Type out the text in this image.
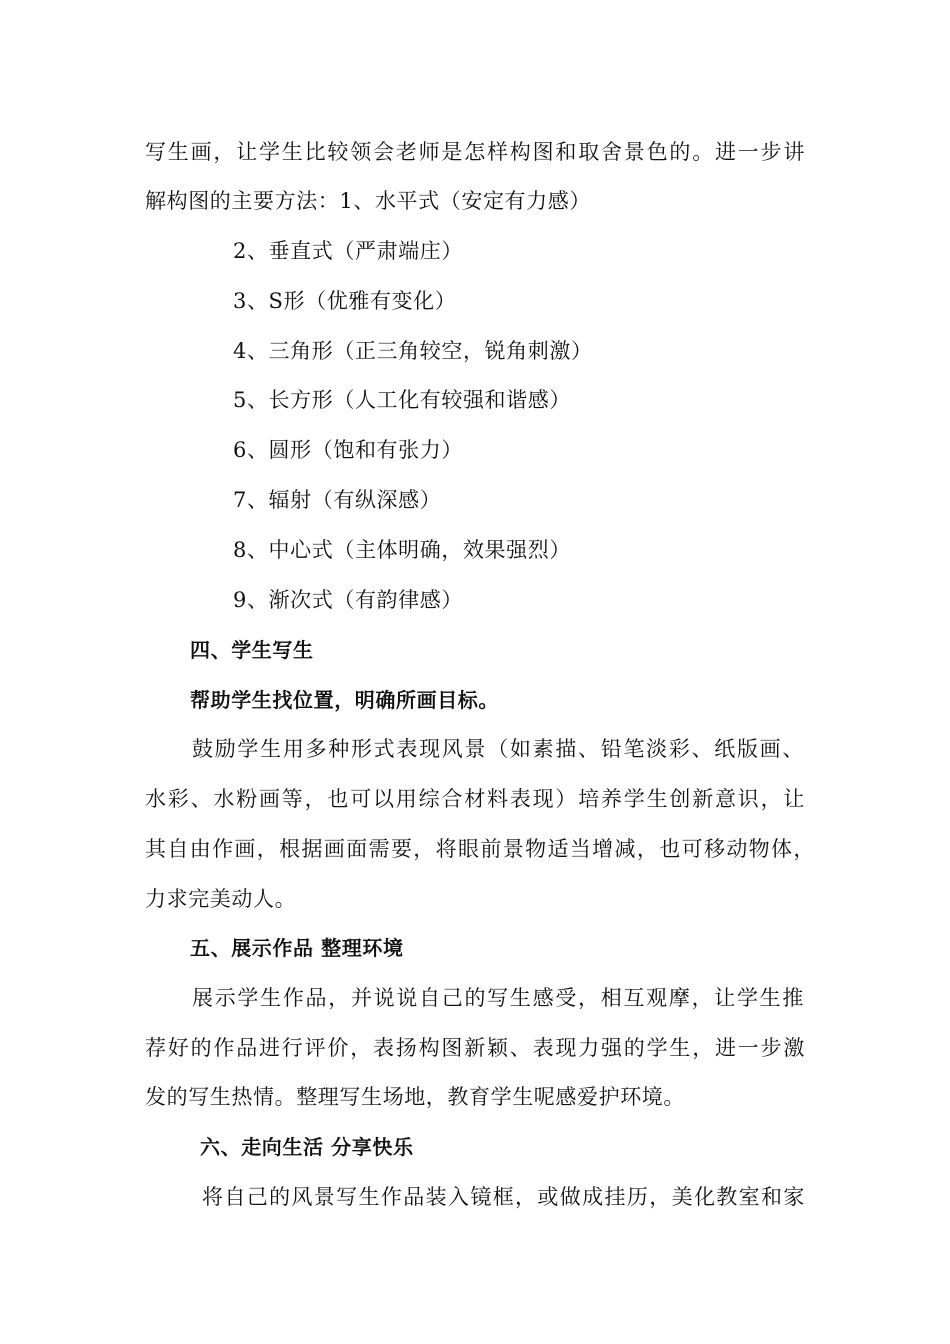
写生画，让学生比较领会老师是怎样构图和取舍景色的。进一步讲
解构图的主要方法：1、水平式（安定有力感）
2、垂直式（严肃端庄）
3、S形（优雅有变化）
4、三角形（正三角较空，锐角刺激）
5、长方形（人工化有较强和谐感）
6、圆形（饱和有张力）
7、辐射（有纵深感）
8、中心式（主体明确，效果强烈）
9、渐次式（有韵律感）
四、学生写生
帮助学生找位置，明确所画目标。
鼓励学生用多种形式表现风景（如素描、铅笔淡彩、纸版画、
水彩、水粉画等，也可以用综合材料表现）培养学生创新意识，让
其自由作画，根据画面需要，将眼前景物适当增减，也可移动物体，
力求完美动人。
五、展示作品 整理环境
展示学生作品，并说说自己的写生感受，相互观摩，让学生推
荐好的作品进行评价，表扬构图新颖、表现力强的学生，进一步激
发的写生热情。整理写生场地，教育学生呢感爱护环境。
六、走向生活 分享快乐
将自己的风景写生作品装入镜框，或做成挂历，美化教室和家
